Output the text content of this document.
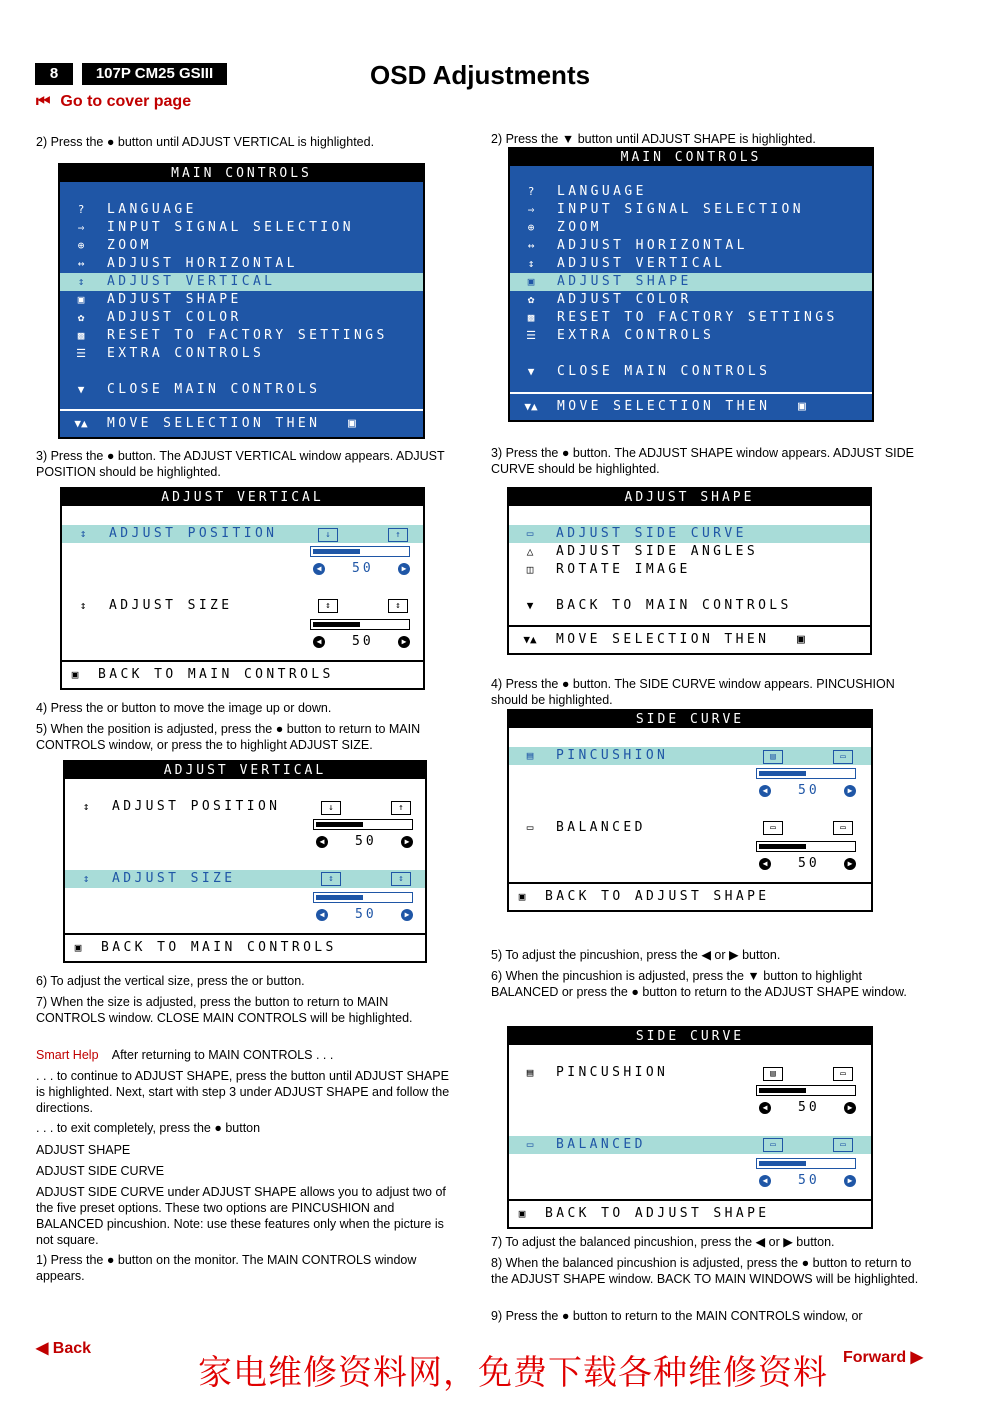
8	107P CM25 GSIII	OSD Adjustments
⏮ Go to cover page
2) Press the ● button until ADJUST VERTICAL is highlighted.
MAIN CONTROLS
?	LANGUAGE
⇒	INPUT SIGNAL SELECTION
⊕	ZOOM
↔	ADJUST HORIZONTAL
↕	ADJUST VERTICAL
▣	ADJUST SHAPE
✿	ADJUST COLOR
▩	RESET TO FACTORY SETTINGS
☰	EXTRA CONTROLS
▼	CLOSE MAIN CONTROLS
▼▲ MOVE SELECTION THEN ▣
3) Press the ● button. The ADJUST VERTICAL window appears. ADJUST POSITION should be highlighted.
ADJUST VERTICAL
↕	ADJUST POSITION	↓	↑
◀ 50	▶
↕	ADJUST SIZE	↕	↕
◀ 50	▶
▣	BACK TO MAIN CONTROLS
4) Press the or button to move the image up or down.
5) When the position is adjusted, press the ● button to return to MAIN CONTROLS window, or press the to highlight ADJUST SIZE.
ADJUST VERTICAL
↕	ADJUST POSITION	↓	↑
◀ 50	▶
↕	ADJUST SIZE	↕	↕
◀ 50	▶
▣	BACK TO MAIN CONTROLS
6) To adjust the vertical size, press the or button.
7) When the size is adjusted, press the button to return to MAIN CONTROLS window. CLOSE MAIN CONTROLS will be highlighted.
Smart Help After returning to MAIN CONTROLS . . .
. . . to continue to ADJUST SHAPE, press the button until ADJUST SHAPE is highlighted. Next, start with step 3 under ADJUST SHAPE and follow the directions.
. . . to exit completely, press the ● button
ADJUST SHAPE
ADJUST SIDE CURVE
ADJUST SIDE CURVE under ADJUST SHAPE allows you to adjust two of the five preset options. These two options are PINCUSHION and BALANCED pincushion. Note: use these features only when the picture is not square.
1) Press the ● button on the monitor. The MAIN CONTROLS window appears.
2) Press the ▼ button until ADJUST SHAPE is highlighted.
MAIN CONTROLS
?	LANGUAGE
⇒	INPUT SIGNAL SELECTION
⊕	ZOOM
↔	ADJUST HORIZONTAL
↕	ADJUST VERTICAL
▣	ADJUST SHAPE
✿	ADJUST COLOR
▩	RESET TO FACTORY SETTINGS
☰	EXTRA CONTROLS
▼	CLOSE MAIN CONTROLS
▼▲ MOVE SELECTION THEN ▣
3) Press the ● button. The ADJUST SHAPE window appears. ADJUST SIDE CURVE should be highlighted.
ADJUST SHAPE
▭	ADJUST SIDE CURVE
△	ADJUST SIDE ANGLES
◫	ROTATE IMAGE
▼	BACK TO MAIN CONTROLS
▼▲ MOVE SELECTION THEN ▣
4) Press the ● button. The SIDE CURVE window appears. PINCUSHION should be highlighted.
SIDE CURVE
▤	PINCUSHION	▤	▭
◀ 50	▶
▭	BALANCED	▭	▭
◀ 50	▶
▣	BACK TO ADJUST SHAPE
5) To adjust the pincushion, press the ◀ or ▶ button.
6) When the pincushion is adjusted, press the ▼ button to highlight BALANCED or press the ● button to return to the ADJUST SHAPE window.
SIDE CURVE
▤	PINCUSHION	▤	▭
◀ 50	▶
▭	BALANCED	▭	▭
◀ 50	▶
▣	BACK TO ADJUST SHAPE
7) To adjust the balanced pincushion, press the ◀ or ▶ button.
8) When the balanced pincushion is adjusted, press the ● button to return to the ADJUST SHAPE window. BACK TO MAIN WINDOWS will be highlighted.
9) Press the ● button to return to the MAIN CONTROLS window, or
◀ Back
Forward ▶
家电维修资料网，免费下载各种维修资料
